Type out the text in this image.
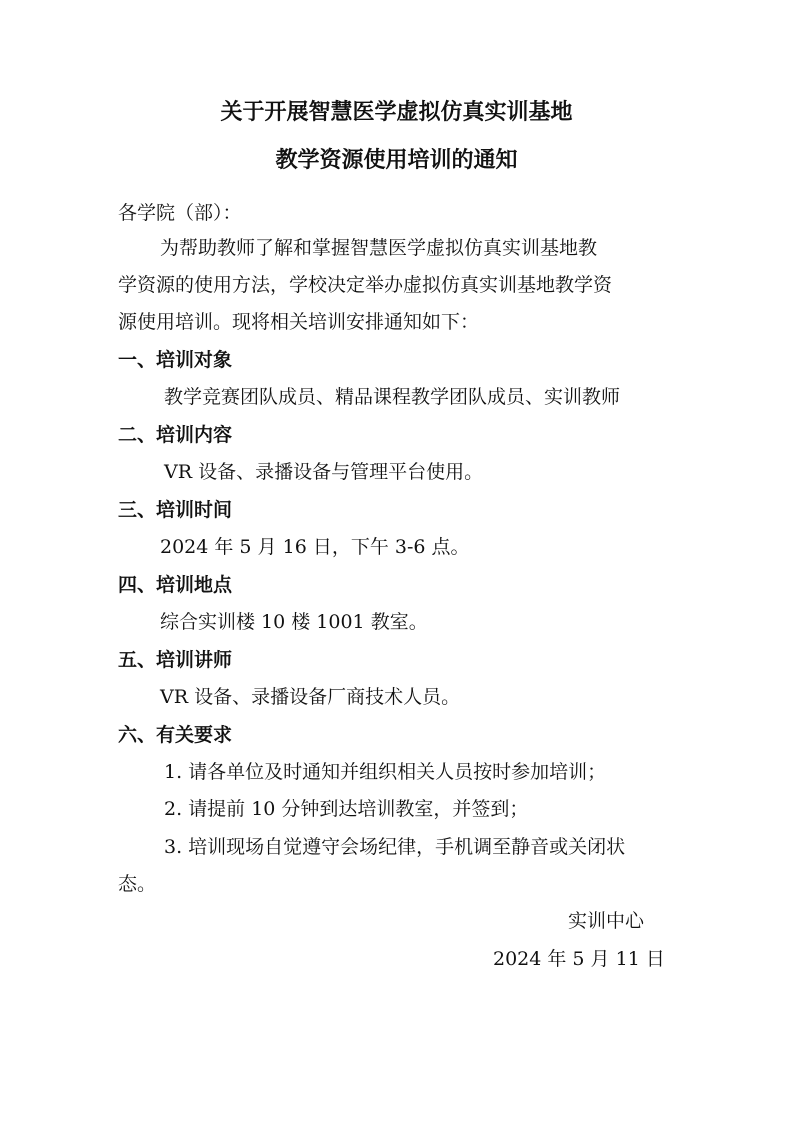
关于开展智慧医学虚拟仿真实训基地
教学资源使用培训的通知
各学院（部）：
为帮助教师了解和掌握智慧医学虚拟仿真实训基地教
学资源的使用方法，学校决定举办虚拟仿真实训基地教学资
源使用培训。现将相关培训安排通知如下：
一、培训对象
教学竞赛团队成员、精品课程教学团队成员、实训教师
二、培训内容
VR 设备、录播设备与管理平台使用。
三、培训时间
2024 年 5 月 16 日，下午 3-6 点。
四、培训地点
综合实训楼 10 楼 1001 教室。
五、培训讲师
VR 设备、录播设备厂商技术人员。
六、有关要求
1. 请各单位及时通知并组织相关人员按时参加培训；
2. 请提前 10 分钟到达培训教室，并签到；
3. 培训现场自觉遵守会场纪律，手机调至静音或关闭状
态。
实训中心
2024 年 5 月 11 日
